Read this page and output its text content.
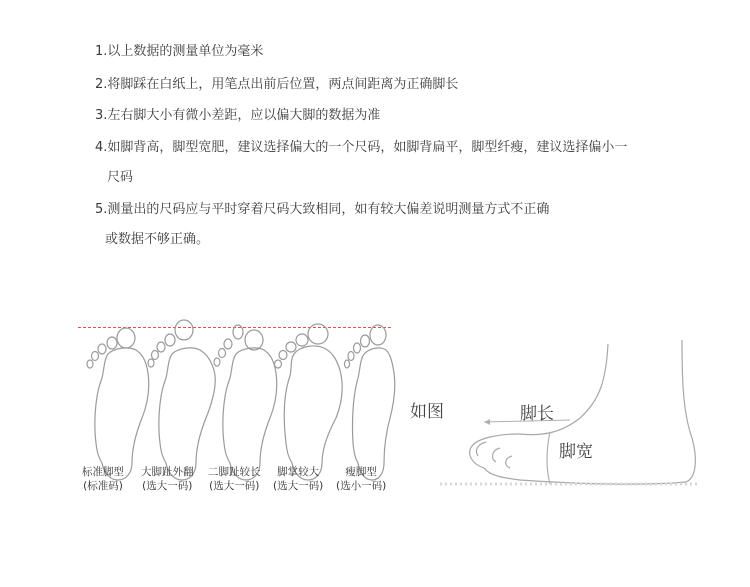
1.以上数据的测量单位为毫米
2.将脚踩在白纸上，用笔点出前后位置，两点间距离为正确脚长
3.左右脚大小有微小差距，应以偏大脚的数据为准
4.如脚背高，脚型宽肥，建议选择偏大的一个尺码，如脚背扁平，脚型纤瘦，建议选择偏小一
尺码
5.测量出的尺码应与平时穿着尺码大致相同，如有较大偏差说明测量方式不正确
或数据不够正确。
标准脚型
(标准码)
大脚趾外翻
(选大一码)
二脚趾较长
(选大一码)
脚掌较大
(选大一码)
瘦脚型
(选小一码)
如图	脚长
脚宽
